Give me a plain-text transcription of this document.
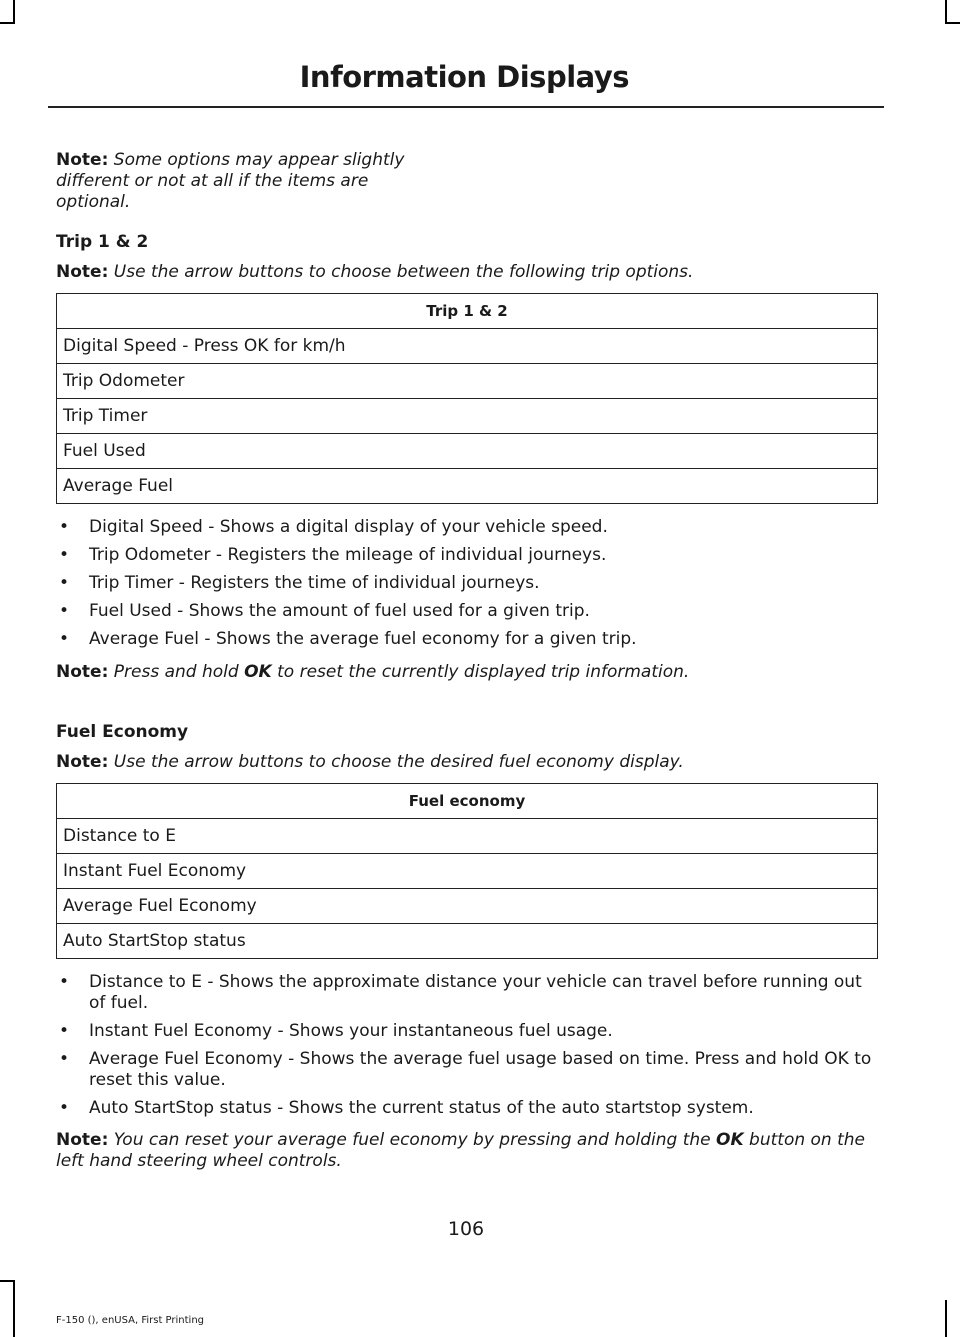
Information Displays
Note: Some options may appear slightly different or not at all if the items are optional.
Trip 1 & 2
Note: Use the arrow buttons to choose between the following trip options.
Trip 1 & 2
Digital Speed - Press OK for km/h
Trip Odometer
Trip Timer
Fuel Used
Average Fuel
• Digital Speed - Shows a digital display of your vehicle speed.
• Trip Odometer - Registers the mileage of individual journeys.
• Trip Timer - Registers the time of individual journeys.
• Fuel Used - Shows the amount of fuel used for a given trip.
• Average Fuel - Shows the average fuel economy for a given trip.
Note: Press and hold OK to reset the currently displayed trip information.
Fuel Economy
Note: Use the arrow buttons to choose the desired fuel economy display.
Fuel economy
Distance to E
Instant Fuel Economy
Average Fuel Economy
Auto StartStop status
• Distance to E - Shows the approximate distance your vehicle can travel before running out of fuel.
• Instant Fuel Economy - Shows your instantaneous fuel usage.
• Average Fuel Economy - Shows the average fuel usage based on time. Press and hold OK to reset this value.
• Auto StartStop status - Shows the current status of the auto startstop system.
Note: You can reset your average fuel economy by pressing and holding the OK button on the left hand steering wheel controls.
106
F-150 (), enUSA, First Printing
